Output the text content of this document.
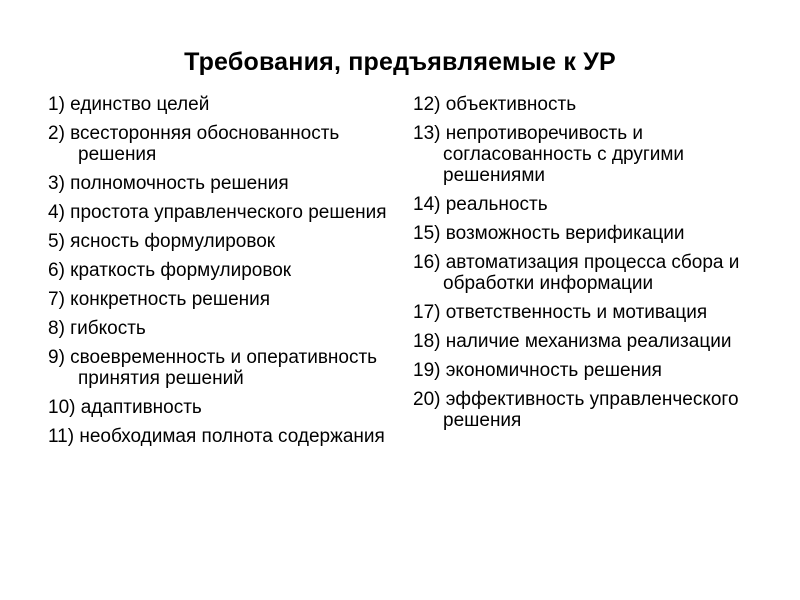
Требования, предъявляемые к УР
1) единство целей
2) всесторонняя обоснованность решения
3) полномочность решения
4) простота управленческого решения
5) ясность формулировок
6) краткость формулировок
7) конкретность решения
8) гибкость
9) своевременность и оперативность принятия решений
10) адаптивность
11) необходимая полнота содержания
12) объективность
13) непротиворечивость и согласованность с другими решениями
14) реальность
15) возможность верификации
16) автоматизация процесса сбора и обработки информации
17) ответственность и мотивация
18) наличие механизма реализации
19) экономичность решения
20) эффективность управленческого решения
